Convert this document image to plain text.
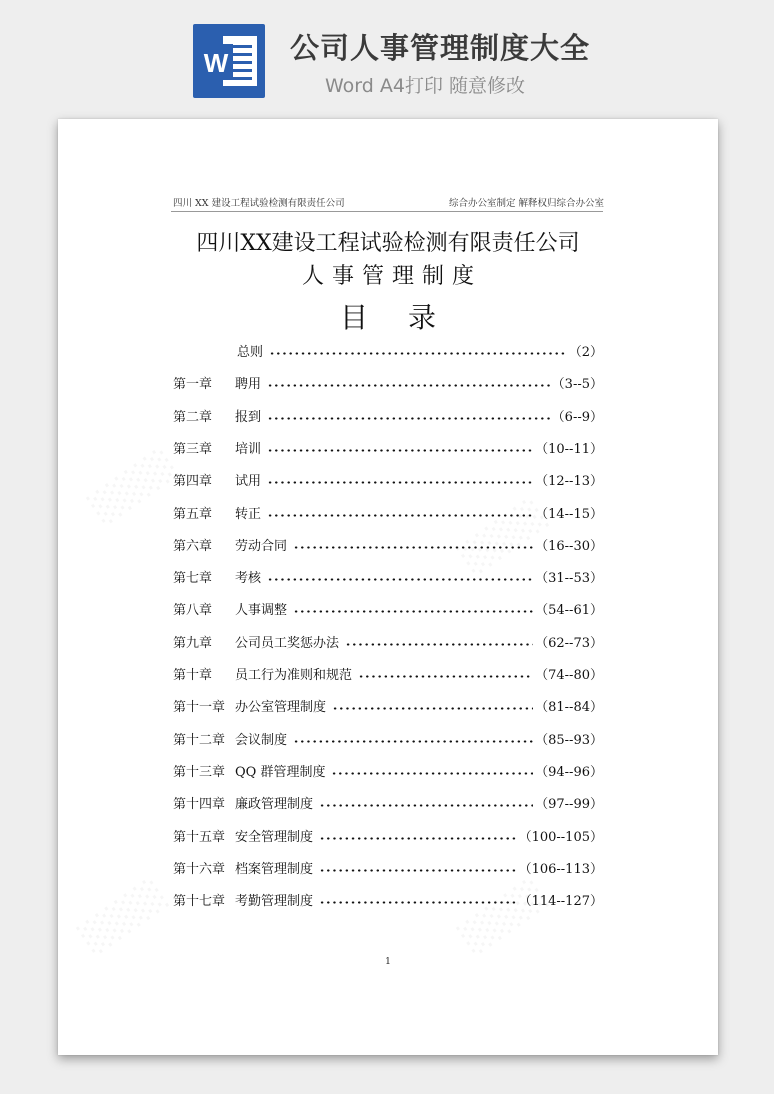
W 公司人事管理制度大全
Word A4打印 随意修改
四川 XX 建设工程试验检测有限责任公司	综合办公室制定 解释权归综合办公室
四川XX建设工程试验检测有限责任公司
人事管理制度
目录
总则	（2）
第一章 聘用	（3--5）
第二章 报到	（6--9）
第三章 培训	（10--11）
第四章 试用	（12--13）
第五章 转正	（14--15）
第六章 劳动合同	（16--30）
第七章 考核	（31--53）
第八章 人事调整	（54--61）
第九章 公司员工奖惩办法	（62--73）
第十章 员工行为准则和规范	（74--80）
第十一章 办公室管理制度	（81--84）
第十二章 会议制度	（85--93）
第十三章 QQ 群管理制度	（94--96）
第十四章 廉政管理制度	（97--99）
第十五章 安全管理制度	（100--105）
第十六章 档案管理制度	（106--113）
第十七章 考勤管理制度	（114--127）
1
